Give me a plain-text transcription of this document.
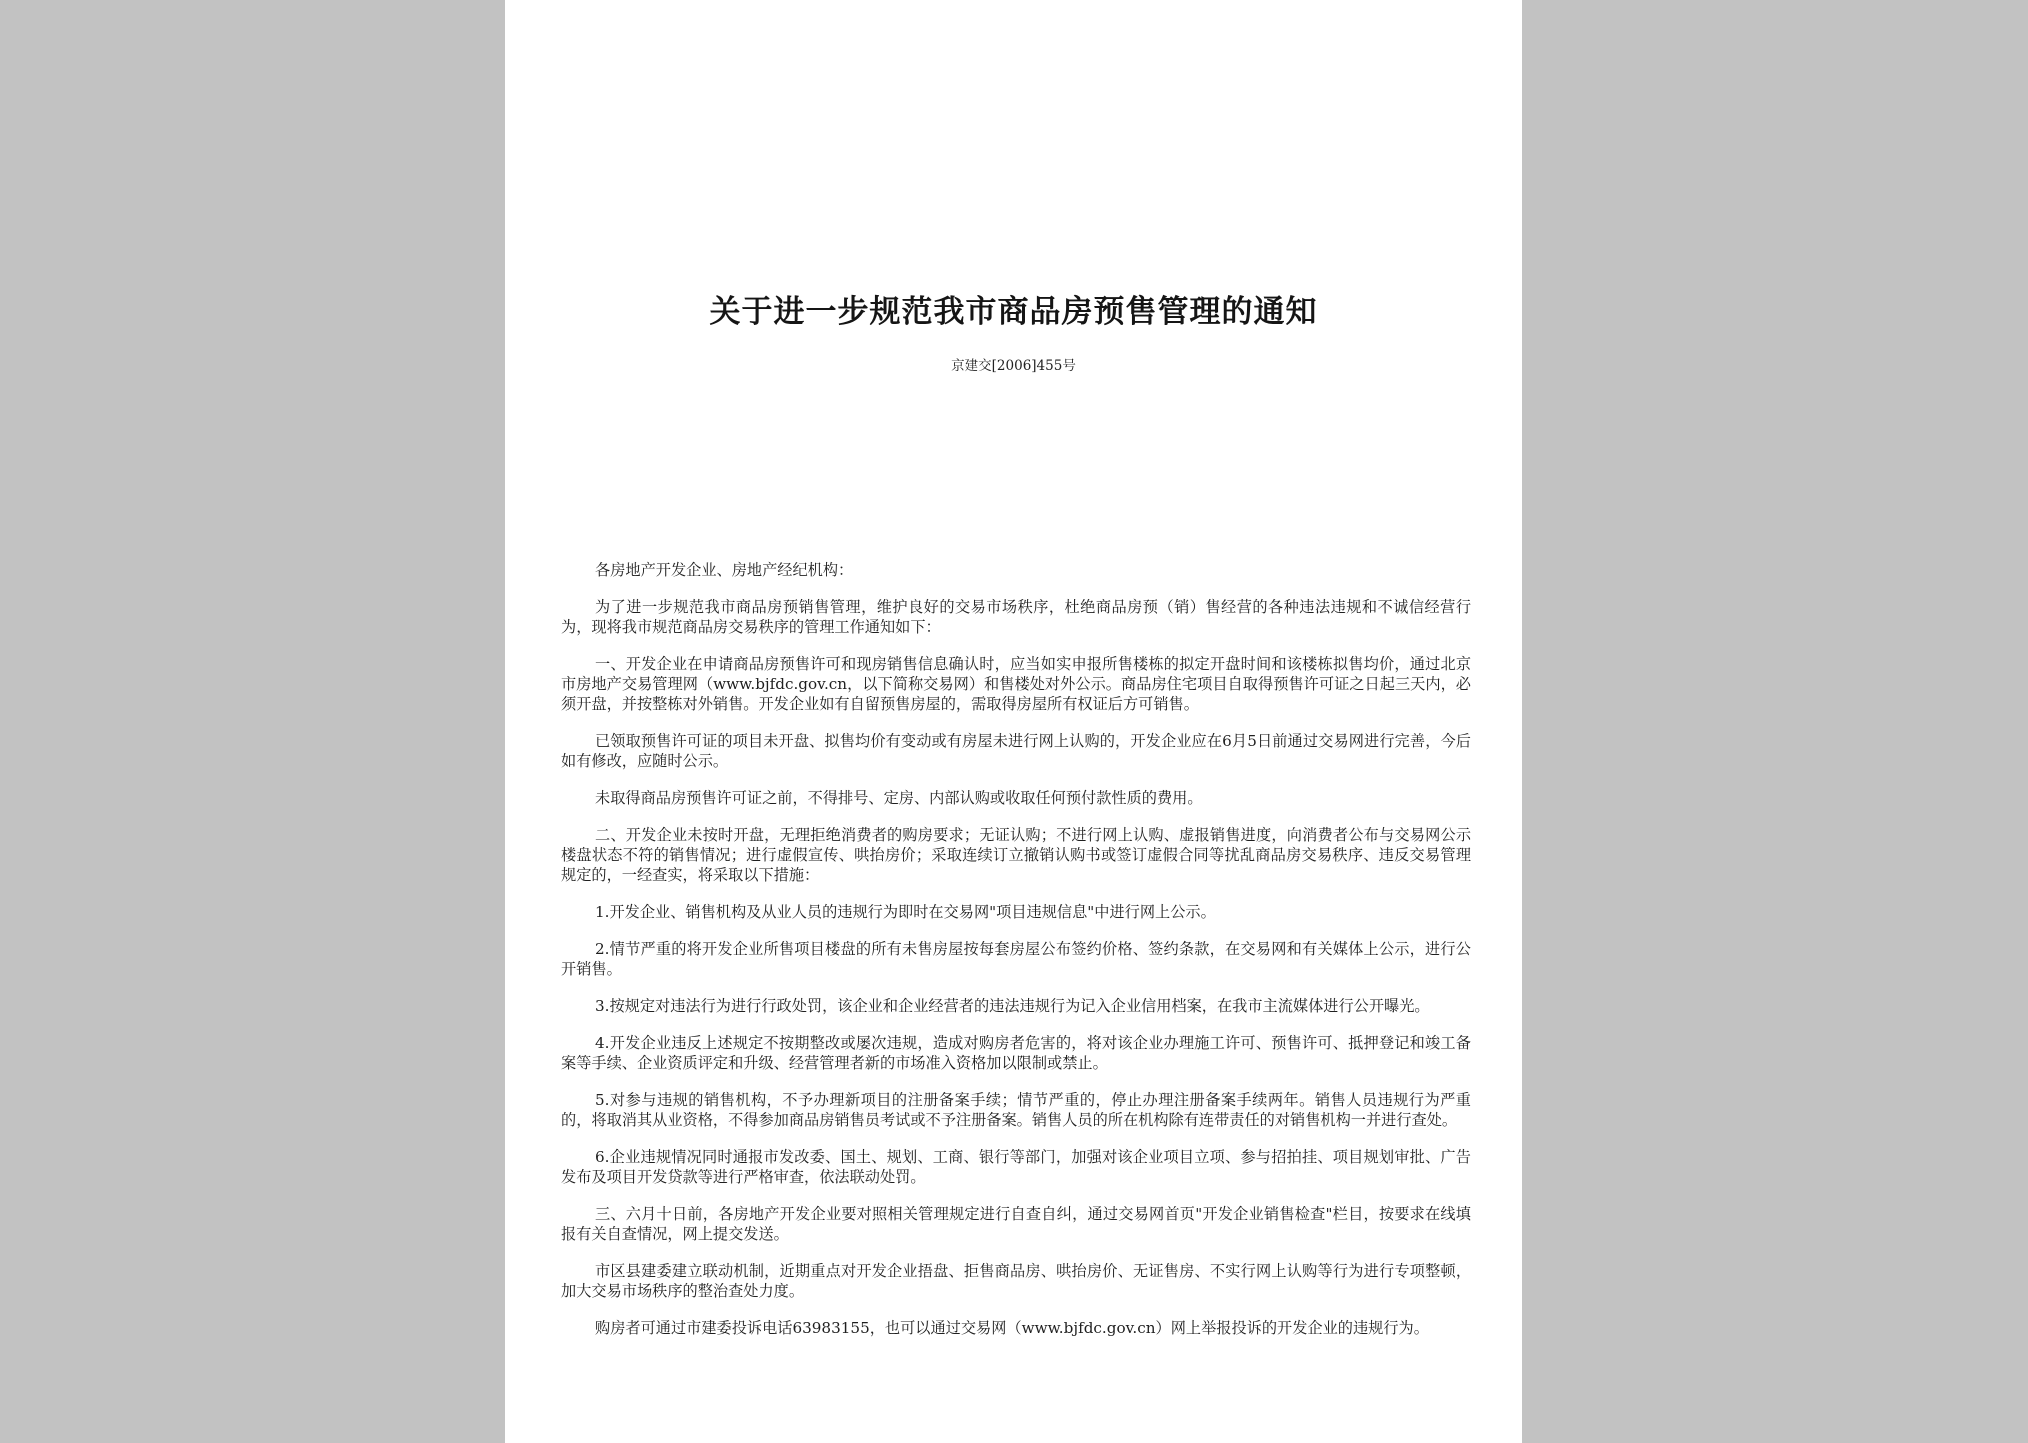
关于进一步规范我市商品房预售管理的通知
京建交[2006]455号

各房地产开发企业、房地产经纪机构：

为了进一步规范我市商品房预销售管理，维护良好的交易市场秩序，杜绝商品房预（销）售经营的各种违法违规和不诚信经营行为，现将我市规范商品房交易秩序的管理工作通知如下：

一、开发企业在申请商品房预售许可和现房销售信息确认时，应当如实申报所售楼栋的拟定开盘时间和该楼栋拟售均价，通过北京市房地产交易管理网（www.bjfdc.gov.cn，以下简称交易网）和售楼处对外公示。商品房住宅项目自取得预售许可证之日起三天内，必须开盘，并按整栋对外销售。开发企业如有自留预售房屋的，需取得房屋所有权证后方可销售。

已领取预售许可证的项目未开盘、拟售均价有变动或有房屋未进行网上认购的，开发企业应在6月5日前通过交易网进行完善，今后如有修改，应随时公示。

未取得商品房预售许可证之前，不得排号、定房、内部认购或收取任何预付款性质的费用。

二、开发企业未按时开盘，无理拒绝消费者的购房要求；无证认购；不进行网上认购、虚报销售进度，向消费者公布与交易网公示楼盘状态不符的销售情况；进行虚假宣传、哄抬房价；采取连续订立撤销认购书或签订虚假合同等扰乱商品房交易秩序、违反交易管理规定的，一经查实，将采取以下措施：

1.开发企业、销售机构及从业人员的违规行为即时在交易网"项目违规信息"中进行网上公示。

2.情节严重的将开发企业所售项目楼盘的所有未售房屋按每套房屋公布签约价格、签约条款，在交易网和有关媒体上公示，进行公开销售。

3.按规定对违法行为进行行政处罚，该企业和企业经营者的违法违规行为记入企业信用档案，在我市主流媒体进行公开曝光。

4.开发企业违反上述规定不按期整改或屡次违规，造成对购房者危害的，将对该企业办理施工许可、预售许可、抵押登记和竣工备案等手续、企业资质评定和升级、经营管理者新的市场准入资格加以限制或禁止。

5.对参与违规的销售机构，不予办理新项目的注册备案手续；情节严重的，停止办理注册备案手续两年。销售人员违规行为严重的，将取消其从业资格，不得参加商品房销售员考试或不予注册备案。销售人员的所在机构除有连带责任的对销售机构一并进行查处。

6.企业违规情况同时通报市发改委、国土、规划、工商、银行等部门，加强对该企业项目立项、参与招拍挂、项目规划审批、广告发布及项目开发贷款等进行严格审查，依法联动处罚。

三、六月十日前，各房地产开发企业要对照相关管理规定进行自查自纠，通过交易网首页"开发企业销售检查"栏目，按要求在线填报有关自查情况，网上提交发送。

市区县建委建立联动机制，近期重点对开发企业捂盘、拒售商品房、哄抬房价、无证售房、不实行网上认购等行为进行专项整顿，加大交易市场秩序的整治查处力度。

购房者可通过市建委投诉电话63983155，也可以通过交易网（www.bjfdc.gov.cn）网上举报投诉的开发企业的违规行为。
